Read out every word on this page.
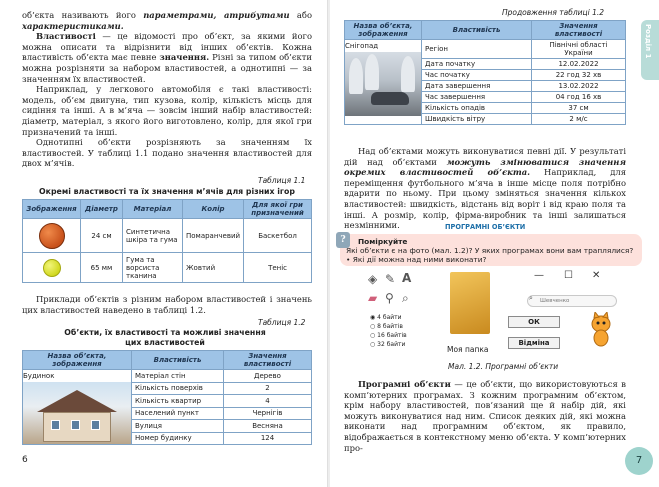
об’єкта називають його параметрами, атрибутами або характеристиками.

Властивості — це відомості про об’єкт, за якими його можна описати та відрізнити від інших об’єктів. Кожна властивість об’єкта має певне значення. Різні за типом об’єкти можна розрізняти за набором властивостей, а однотипні — за значенням їх властивостей.

Наприклад, у легкового автомобіля є такі властивості: модель, об’єм двигуна, тип кузова, колір, кількість місць для сидіння та інші. А в м’яча — зовсім інший набір властивостей: діаметр, матеріал, з якого його виготовлено, колір, для якої гри призначений та інші.

Однотипні об’єкти розрізняють за значенням їх властивостей. У таблиці 1.1 подано значення властивостей для двох м’ячів.

Таблиця 1.1
Окремі властивості та їх значення м’ячів для різних ігор
Зображення	Діаметр	Матеріал	Колір	Для якої гри призначений

	24 см	Синтетична шкіра та гума	Помаранчевий	Баскетбол

	65 мм	Гума та ворсиста тканина	Жовтий	Теніс

Приклади об’єктів з різним набором властивостей і значень цих властивостей наведено в таблиці 1.2.

Таблиця 1.2
Об’єкти, їх властивості та можливі значення цих властивостей
Назва об’єкта, зображення	Властивість	Значення властивості

Будинок	Матеріал стін	Дерево
	Кількість поверхів	2
	Кількість квартир	4
	Населений пункт	Чернігів
	Вулиця	Весняна
	Номер будинку	124
6
Розділ 1
Продовження таблиці 1.2
Назва об’єкта, зображення	Властивість	Значення властивості

Снігопад	Регіон	Північні області України
	Дата початку	12.02.2022
	Час початку	22 год 32 хв
	Дата завершення	13.02.2022
	Час завершення	04 год 16 хв
	Кількість опадів	37 см
	Швидкість вітру	2 м/с

Над об’єктами можуть виконуватися певні дії. У результаті дій над об’єктами можуть змінюватися значення окремих властивостей об’єкта. Наприклад, для переміщення футбольного м’яча в інше місце поля потрібно вдарити по ньому. При цьому зміняться значення кількох властивостей: швидкість, відстань від воріт і від краю поля та інші. А розмір, колір, фірма-виробник та інші залишаться незмінними.	ПРОГРАМНІ ОБ’ЄКТИ
?	Поміркуйте
Які об’єкти є на фото (мал. 1.2)? У яких програмах вони вам траплялися? • Які дії можна над ними виконати?
◈ ✎ A
▰ ⚲ ⌕
◉ 4 байти
○ 8 байтів
○ 16 байтів
○ 32 байти
Моя папка
— ☐ ✕
Шевченко
⌕
ОК
Відміна
Мал. 1.2. Програмні об’єкти

Програмні об’єкти — це об’єкти, що використовуються в комп’ютерних програмах. З кожним програмним об’єктом, крім набору властивостей, пов’язаний ще й набір дій, які можуть виконуватися над ним. Список деяких дій, які можна виконати над програмним об’єктом, як правило, відображається в контекстному меню об’єкта. У комп’ютерних про-

7
